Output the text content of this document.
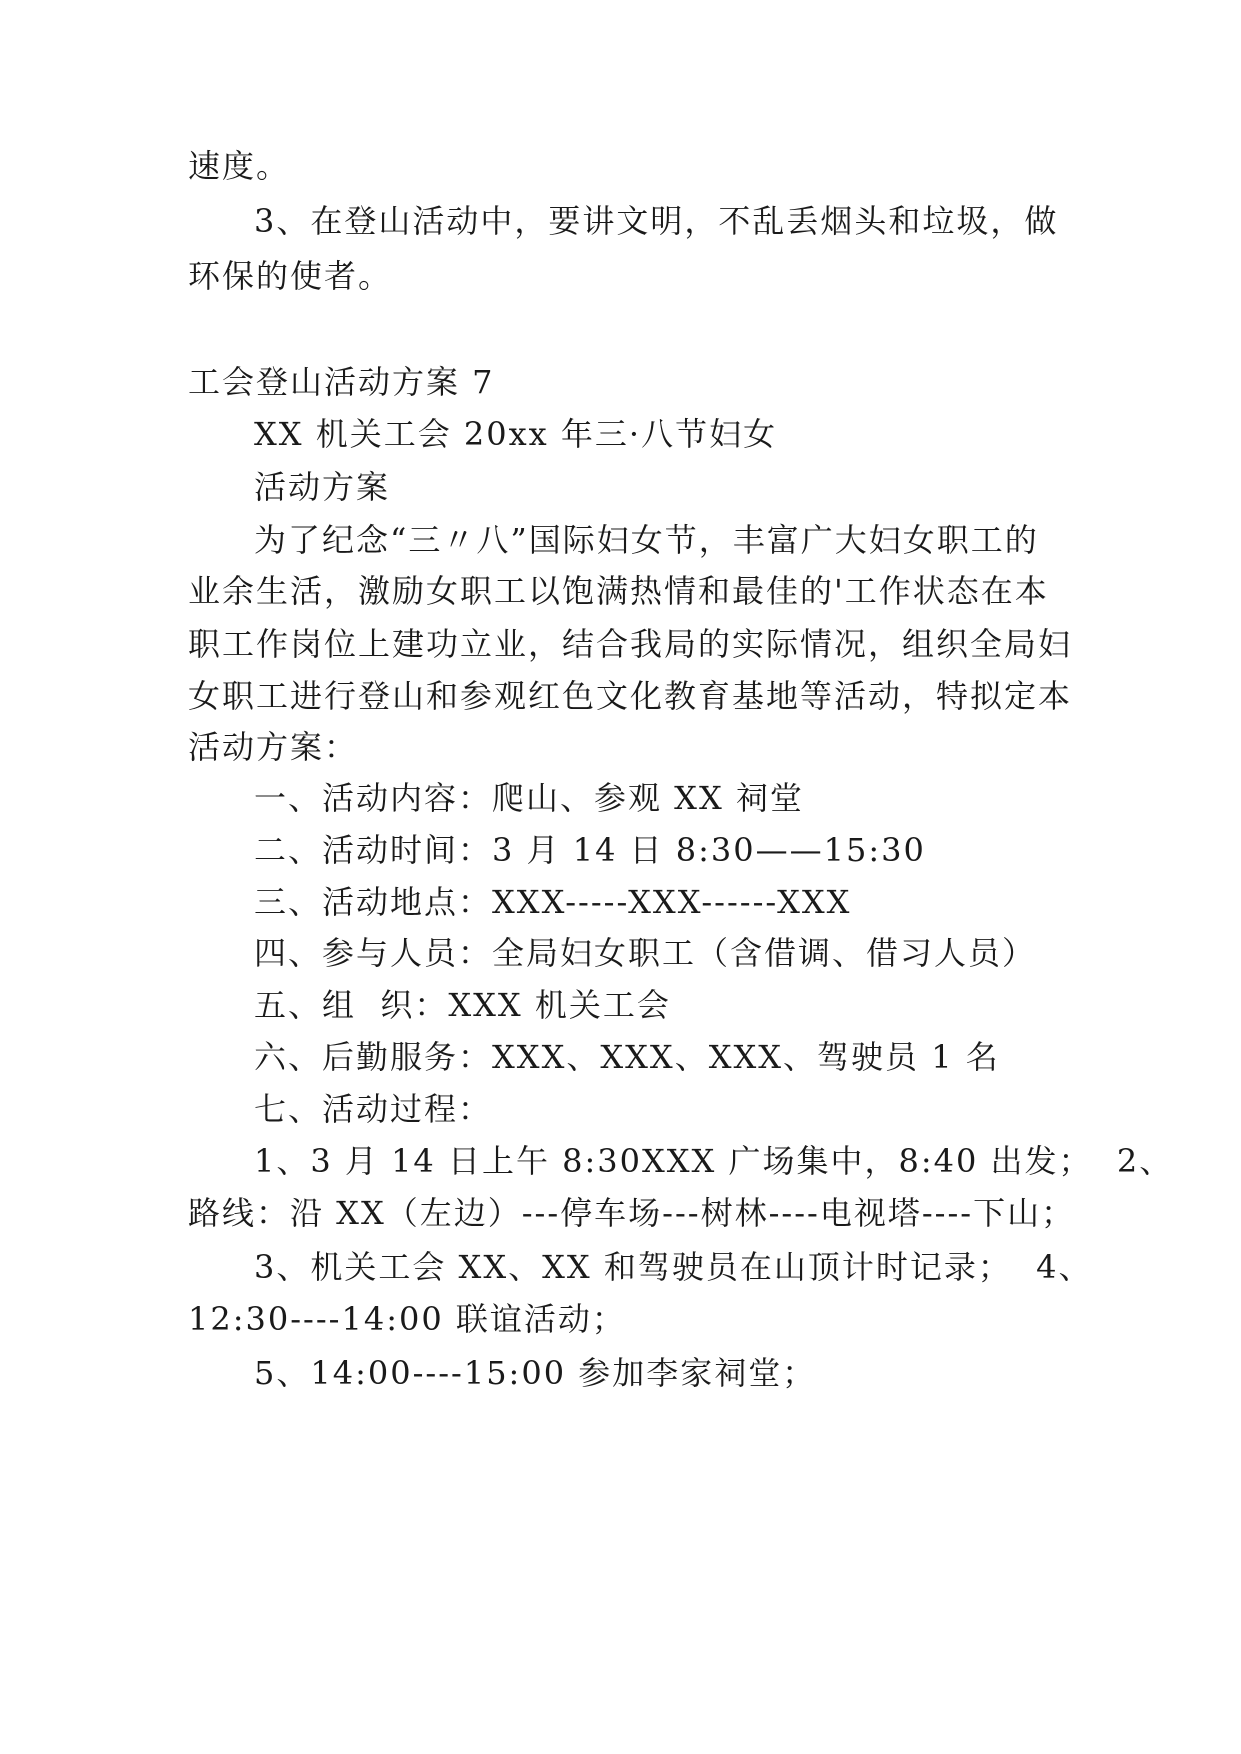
速度。
3、在登山活动中，要讲文明，不乱丢烟头和垃圾，做
环保的使者。
工会登山活动方案 7
XX 机关工会 20xx 年三·八节妇女
活动方案
为了纪念“三〃八”国际妇女节，丰富广大妇女职工的
业余生活，激励女职工以饱满热情和最佳的'工作状态在本
职工作岗位上建功立业，结合我局的实际情况，组织全局妇
女职工进行登山和参观红色文化教育基地等活动，特拟定本
活动方案：
一、活动内容：爬山、参观 XX 祠堂
二、活动时间：3 月 14 日 8:30——15:30
三、活动地点：XXX-----XXX------XXX
四、参与人员：全局妇女职工（含借调、借习人员）
五、组  织：XXX 机关工会
六、后勤服务：XXX、XXX、XXX、驾驶员 1 名
七、活动过程：
1、3 月 14 日上午 8:30XXX 广场集中，8:40 出发；  2、
路线：沿 XX（左边）---停车场---树林----电视塔----下山；
3、机关工会 XX、XX 和驾驶员在山顶计时记录；  4、
12:30----14:00 联谊活动；
5、14:00----15:00 参加李家祠堂；
